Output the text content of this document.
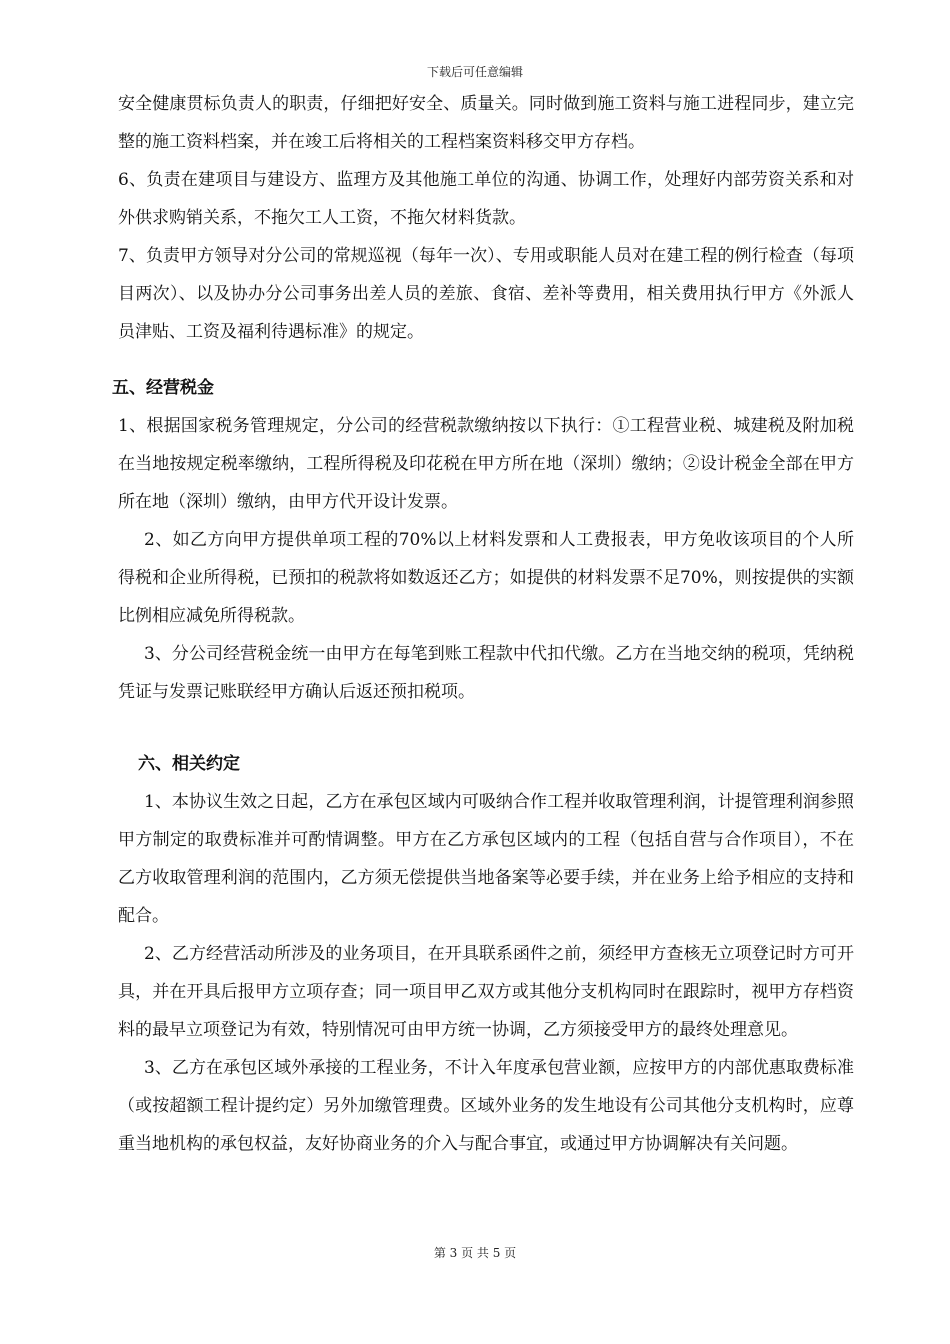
下载后可任意编辑

安全健康贯标负责人的职责，仔细把好安全、质量关。同时做到施工资料与施工进程同步，建立完整的施工资料档案，并在竣工后将相关的工程档案资料移交甲方存档。

6、负责在建项目与建设方、监理方及其他施工单位的沟通、协调工作，处理好内部劳资关系和对外供求购销关系，不拖欠工人工资，不拖欠材料货款。

7、负责甲方领导对分公司的常规巡视（每年一次）、专用或职能人员对在建工程的例行检查（每项目两次）、以及协办分公司事务出差人员的差旅、食宿、差补等费用，相关费用执行甲方《外派人员津贴、工资及福利待遇标准》的规定。

五、经营税金

1、根据国家税务管理规定，分公司的经营税款缴纳按以下执行：①工程营业税、城建税及附加税在当地按规定税率缴纳，工程所得税及印花税在甲方所在地（深圳）缴纳；②设计税金全部在甲方所在地（深圳）缴纳，由甲方代开设计发票。

2、如乙方向甲方提供单项工程的70%以上材料发票和人工费报表，甲方免收该项目的个人所得税和企业所得税，已预扣的税款将如数返还乙方；如提供的材料发票不足70%，则按提供的实额比例相应减免所得税款。

3、分公司经营税金统一由甲方在每笔到账工程款中代扣代缴。乙方在当地交纳的税项，凭纳税凭证与发票记账联经甲方确认后返还预扣税项。

六、相关约定

1、本协议生效之日起，乙方在承包区域内可吸纳合作工程并收取管理利润，计提管理利润参照甲方制定的取费标准并可酌情调整。甲方在乙方承包区域内的工程（包括自营与合作项目），不在乙方收取管理利润的范围内，乙方须无偿提供当地备案等必要手续，并在业务上给予相应的支持和配合。

2、乙方经营活动所涉及的业务项目，在开具联系函件之前，须经甲方查核无立项登记时方可开具，并在开具后报甲方立项存查；同一项目甲乙双方或其他分支机构同时在跟踪时，视甲方存档资料的最早立项登记为有效，特别情况可由甲方统一协调，乙方须接受甲方的最终处理意见。

3、乙方在承包区域外承接的工程业务，不计入年度承包营业额，应按甲方的内部优惠取费标准（或按超额工程计提约定）另外加缴管理费。区域外业务的发生地设有公司其他分支机构时，应尊重当地机构的承包权益，友好协商业务的介入与配合事宜，或通过甲方协调解决有关问题。

第 3 页 共 5 页
